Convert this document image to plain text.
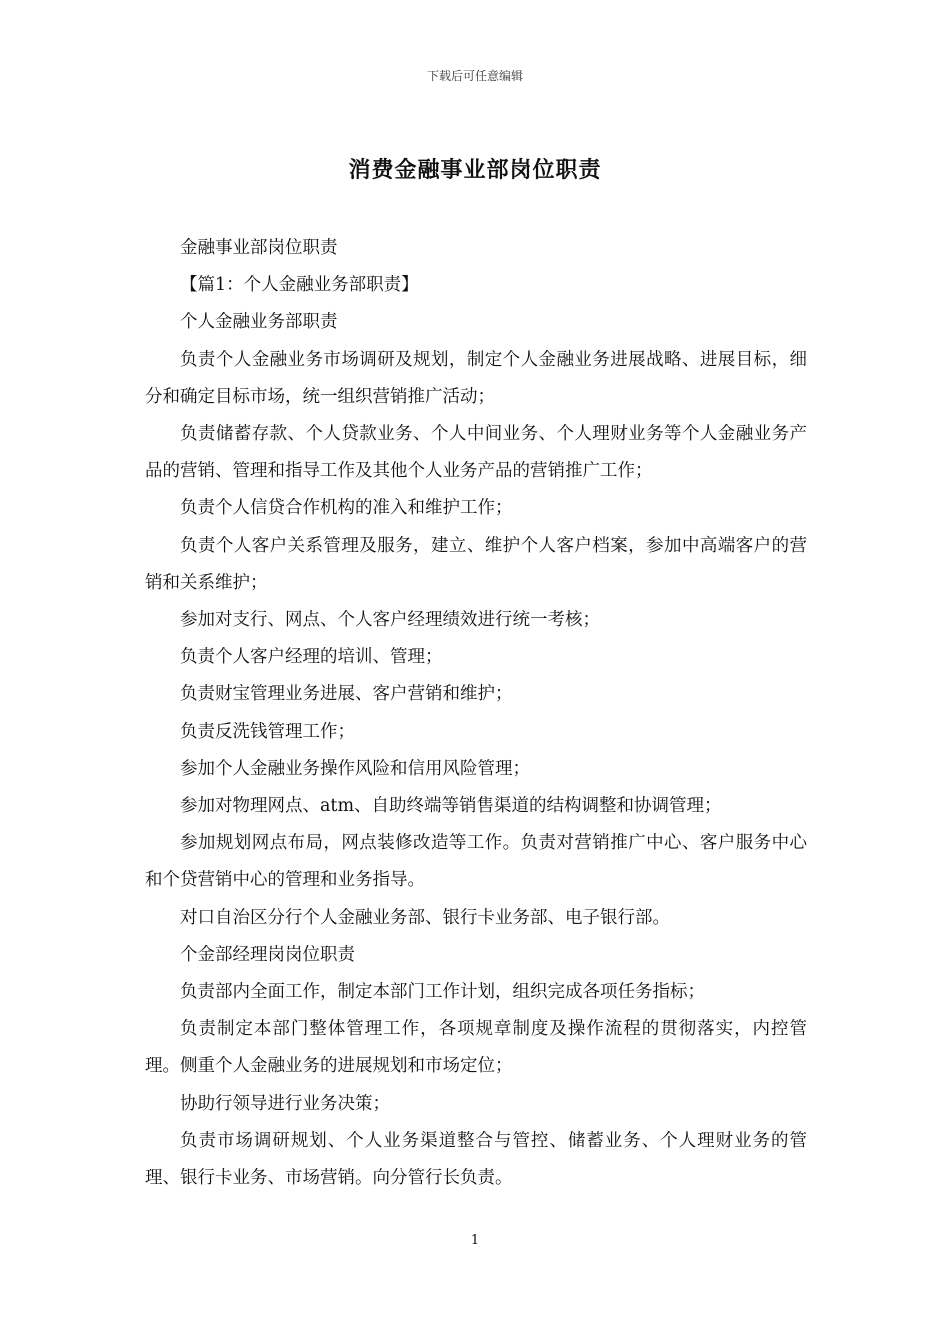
下载后可任意编辑
消费金融事业部岗位职责

金融事业部岗位职责

【篇1：个人金融业务部职责】

个人金融业务部职责

负责个人金融业务市场调研及规划，制定个人金融业务进展战略、进展目标，细分和确定目标市场，统一组织营销推广活动；

负责储蓄存款、个人贷款业务、个人中间业务、个人理财业务等个人金融业务产品的营销、管理和指导工作及其他个人业务产品的营销推广工作；

负责个人信贷合作机构的准入和维护工作；

负责个人客户关系管理及服务，建立、维护个人客户档案，参加中高端客户的营销和关系维护；

参加对支行、网点、个人客户经理绩效进行统一考核；

负责个人客户经理的培训、管理；

负责财宝管理业务进展、客户营销和维护；

负责反洗钱管理工作；

参加个人金融业务操作风险和信用风险管理；

参加对物理网点、atm、自助终端等销售渠道的结构调整和协调管理；

参加规划网点布局，网点装修改造等工作。负责对营销推广中心、客户服务中心和个贷营销中心的管理和业务指导。

对口自治区分行个人金融业务部、银行卡业务部、电子银行部。

个金部经理岗岗位职责

负责部内全面工作，制定本部门工作计划，组织完成各项任务指标；

负责制定本部门整体管理工作，各项规章制度及操作流程的贯彻落实，内控管理。侧重个人金融业务的进展规划和市场定位；

协助行领导进行业务决策；

负责市场调研规划、个人业务渠道整合与管控、储蓄业务、个人理财业务的管理、银行卡业务、市场营销。向分管行长负责。

1
